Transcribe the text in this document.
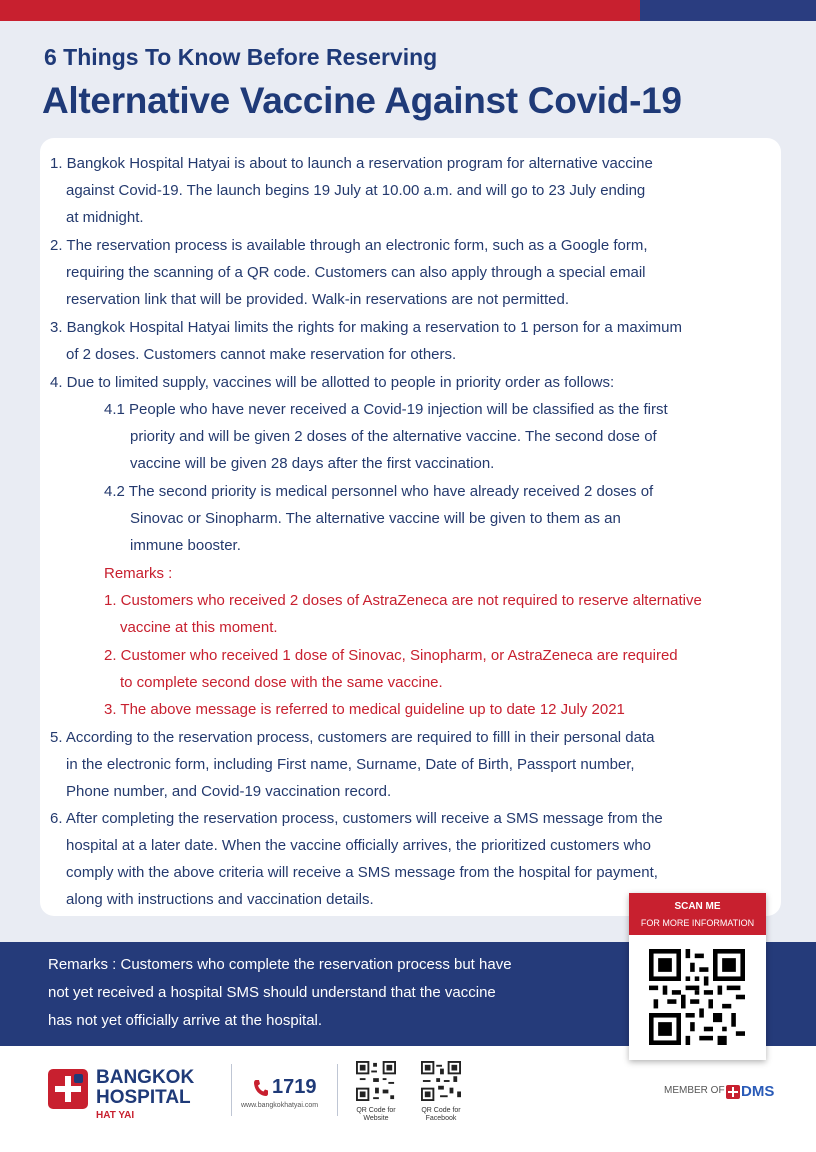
6 Things To Know Before Reserving
Alternative Vaccine Against Covid-19
1. Bangkok Hospital Hatyai is about to launch a reservation program for alternative vaccine
against Covid-19. The launch begins 19 July at 10.00 a.m. and will go to 23 July ending
at midnight.
2. The reservation process is available through an electronic form, such as a Google form,
requiring the scanning of a QR code. Customers can also apply through a special email
reservation link that will be provided. Walk-in reservations are not permitted.
3. Bangkok Hospital Hatyai limits the rights for making a reservation to 1 person for a maximum
of 2 doses. Customers cannot make reservation for others.
4. Due to limited supply, vaccines will be allotted to people in priority order as follows:
4.1 People who have never received a Covid-19 injection will be classified as the first
priority and will be given 2 doses of the alternative vaccine. The second dose of
vaccine will be given 28 days after the first vaccination.
4.2 The second priority is medical personnel who have already received 2 doses of
Sinovac or Sinopharm. The alternative vaccine will be given to them as an
immune booster.
Remarks :
1. Customers who received 2 doses of AstraZeneca are not required to reserve alternative
vaccine at this moment.
2. Customer who received 1 dose of Sinovac, Sinopharm, or AstraZeneca are required
to complete second dose with the same vaccine.
3. The above message is referred to medical guideline up to date 12 July 2021
5. According to the reservation process, customers are required to filll in their personal data
in the electronic form, including First name, Surname, Date of Birth, Passport number,
Phone number, and Covid-19 vaccination record.
6. After completing the reservation process, customers will receive a SMS message from the
hospital at a later date. When the vaccine officially arrives, the prioritized customers who
comply with the above criteria will receive a SMS message from the hospital for payment,
along with instructions and vaccination details.
Remarks : Customers who complete the reservation process but have
not yet received a hospital SMS should understand that the vaccine
has not yet officially arrive at the hospital.
SCAN ME
FOR MORE INFORMATION
BANGKOK
HOSPITAL
HAT YAI
1719
www.bangkokhatyai.com
QR Code for Website
QR Code for Facebook
MEMBER OF DMS
